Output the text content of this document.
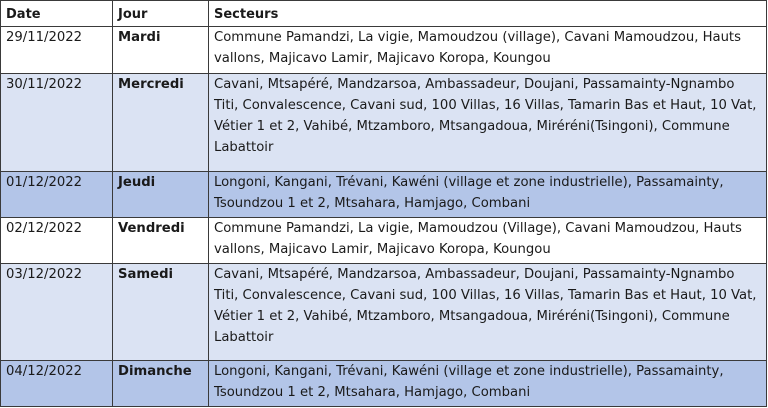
Date	Jour	Secteurs
29/11/2022	Mardi	Commune Pamandzi, La vigie, Mamoudzou (village), Cavani Mamoudzou, Hauts vallons, Majicavo Lamir, Majicavo Koropa, Koungou
30/11/2022	Mercredi	Cavani, Mtsapéré, Mandzarsoa, Ambassadeur, Doujani, Passamainty-Ngnambo Titi, Convalescence, Cavani sud, 100 Villas, 16 Villas, Tamarin Bas et Haut, 10 Vat, Vétier 1 et 2, Vahibé, Mtzamboro, Mtsangadoua, Miréréni(Tsingoni), Commune Labattoir
01/12/2022	Jeudi	Longoni, Kangani, Trévani, Kawéni (village et zone industrielle), Passamainty, Tsoundzou 1 et 2, Mtsahara, Hamjago, Combani
02/12/2022	Vendredi	Commune Pamandzi, La vigie, Mamoudzou (Village), Cavani Mamoudzou, Hauts vallons, Majicavo Lamir, Majicavo Koropa, Koungou
03/12/2022	Samedi	Cavani, Mtsapéré, Mandzarsoa, Ambassadeur, Doujani, Passamainty-Ngnambo Titi, Convalescence, Cavani sud, 100 Villas, 16 Villas, Tamarin Bas et Haut, 10 Vat, Vétier 1 et 2, Vahibé, Mtzamboro, Mtsangadoua, Miréréni(Tsingoni), Commune Labattoir
04/12/2022	Dimanche	Longoni, Kangani, Trévani, Kawéni (village et zone industrielle), Passamainty, Tsoundzou 1 et 2, Mtsahara, Hamjago, Combani
